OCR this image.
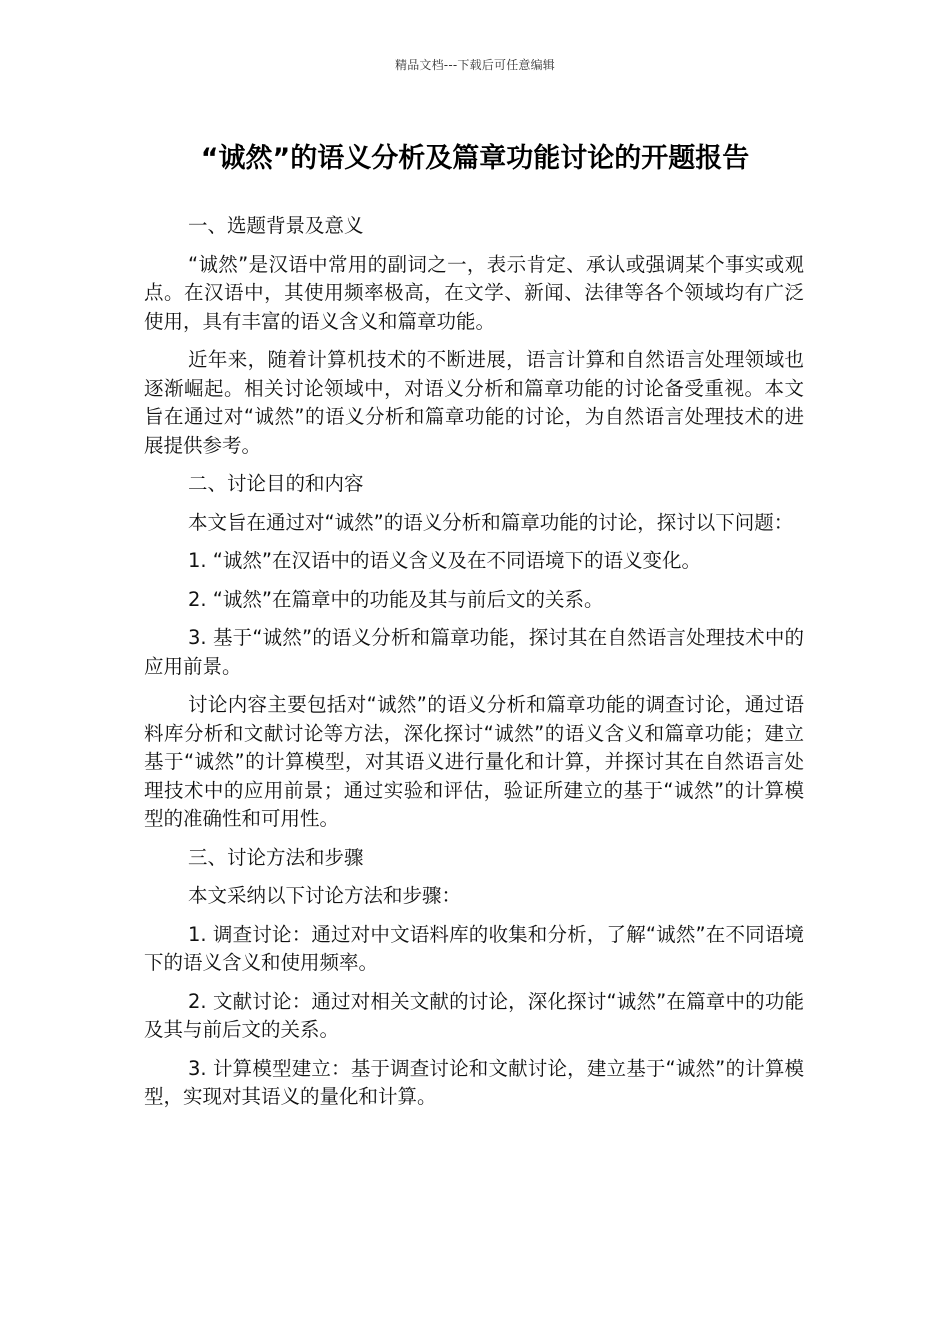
精品文档---下载后可任意编辑
“诚然”的语义分析及篇章功能讨论的开题报告

一、选题背景及意义

“诚然”是汉语中常用的副词之一，表示肯定、承认或强调某个事实或观点。在汉语中，其使用频率极高，在文学、新闻、法律等各个领域均有广泛使用，具有丰富的语义含义和篇章功能。

近年来，随着计算机技术的不断进展，语言计算和自然语言处理领域也逐渐崛起。相关讨论领域中，对语义分析和篇章功能的讨论备受重视。本文旨在通过对“诚然”的语义分析和篇章功能的讨论，为自然语言处理技术的进展提供参考。

二、讨论目的和内容

本文旨在通过对“诚然”的语义分析和篇章功能的讨论，探讨以下问题：

1. “诚然”在汉语中的语义含义及在不同语境下的语义变化。

2. “诚然”在篇章中的功能及其与前后文的关系。

3. 基于“诚然”的语义分析和篇章功能，探讨其在自然语言处理技术中的应用前景。

讨论内容主要包括对“诚然”的语义分析和篇章功能的调查讨论，通过语料库分析和文献讨论等方法，深化探讨“诚然”的语义含义和篇章功能；建立基于“诚然”的计算模型，对其语义进行量化和计算，并探讨其在自然语言处理技术中的应用前景；通过实验和评估，验证所建立的基于“诚然”的计算模型的准确性和可用性。

三、讨论方法和步骤

本文采纳以下讨论方法和步骤：

1. 调查讨论：通过对中文语料库的收集和分析，了解“诚然”在不同语境下的语义含义和使用频率。

2. 文献讨论：通过对相关文献的讨论，深化探讨“诚然”在篇章中的功能及其与前后文的关系。

3. 计算模型建立：基于调查讨论和文献讨论，建立基于“诚然”的计算模型，实现对其语义的量化和计算。
